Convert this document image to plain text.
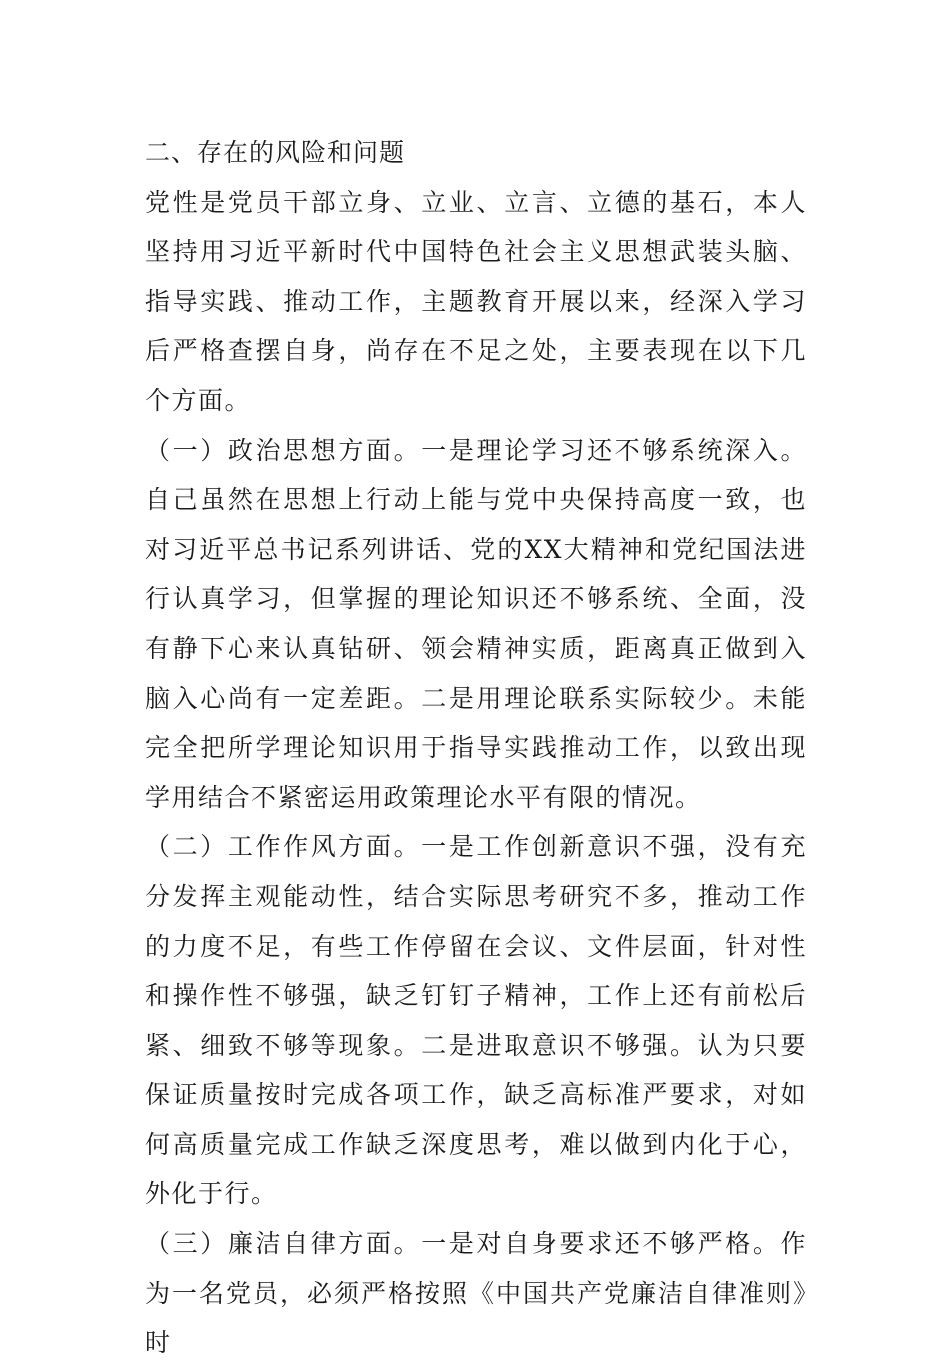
二、存在的风险和问题

党性是党员干部立身、立业、立言、立德的基石，本人坚持用习近平新时代中国特色社会主义思想武装头脑、指导实践、推动工作，主题教育开展以来，经深入学习后严格查摆自身，尚存在不足之处，主要表现在以下几个方面。

（一）政治思想方面。一是理论学习还不够系统深入。自己虽然在思想上行动上能与党中央保持高度一致，也对习近平总书记系列讲话、党的XX大精神和党纪国法进行认真学习，但掌握的理论知识还不够系统、全面，没有静下心来认真钻研、领会精神实质，距离真正做到入脑入心尚有一定差距。二是用理论联系实际较少。未能完全把所学理论知识用于指导实践推动工作，以致出现学用结合不紧密运用政策理论水平有限的情况。

（二）工作作风方面。一是工作创新意识不强，没有充分发挥主观能动性，结合实际思考研究不多，推动工作的力度不足，有些工作停留在会议、文件层面，针对性和操作性不够强，缺乏钉钉子精神，工作上还有前松后紧、细致不够等现象。二是进取意识不够强。认为只要保证质量按时完成各项工作，缺乏高标准严要求，对如何高质量完成工作缺乏深度思考，难以做到内化于心，外化于行。

（三）廉洁自律方面。一是对自身要求还不够严格。作为一名党员，必须严格按照《中国共产党廉洁自律准则》时
